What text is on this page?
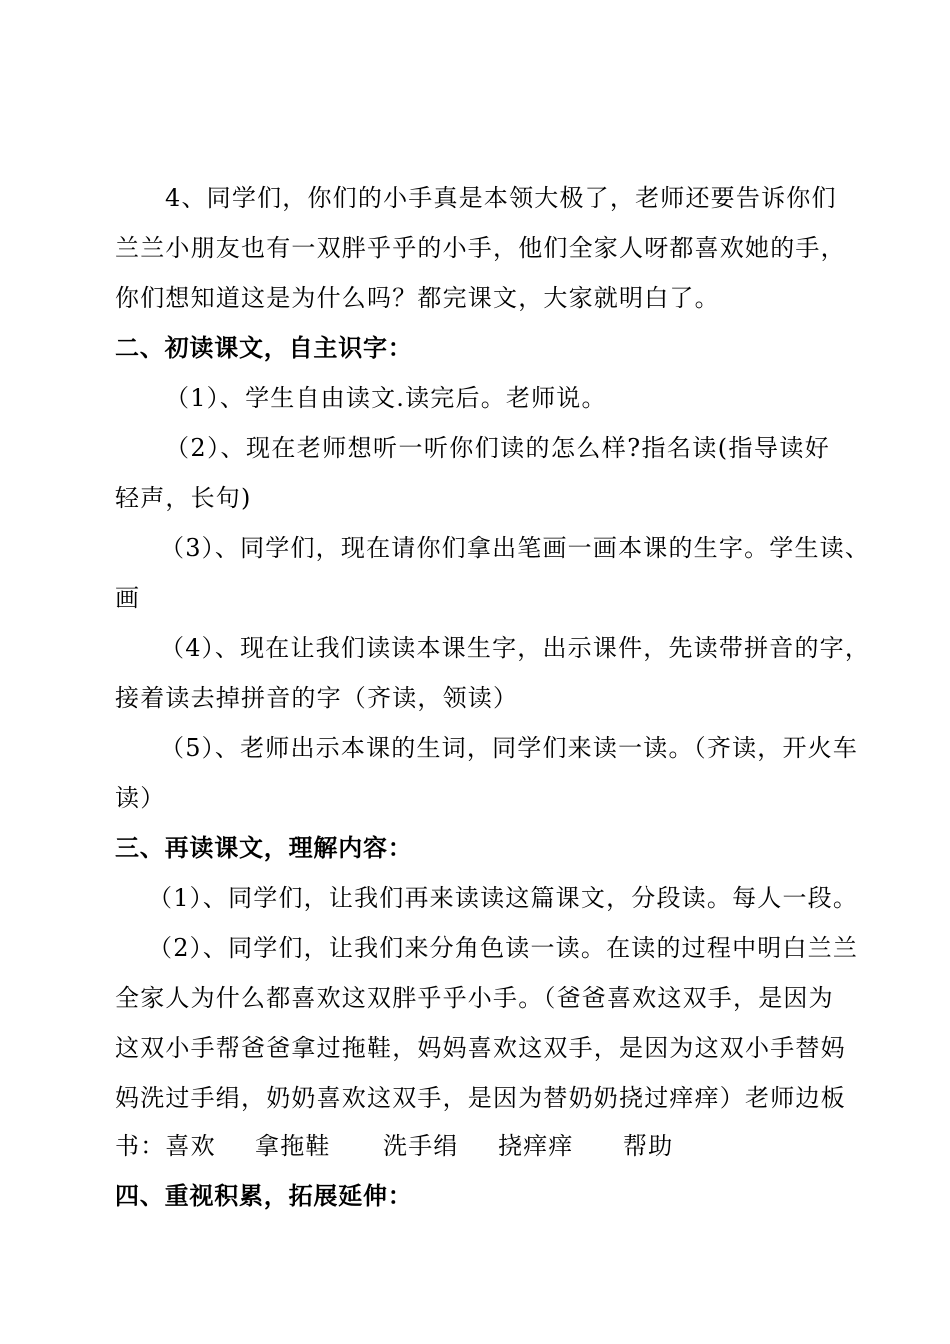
4、同学们，你们的小手真是本领大极了，老师还要告诉你们
兰兰小朋友也有一双胖乎乎的小手，他们全家人呀都喜欢她的手，
你们想知道这是为什么吗？都完课文，大家就明白了。
二、初读课文，自主识字：
（1）、学生自由读文.读完后。老师说。
（2）、现在老师想听一听你们读的怎么样?指名读(指导读好
轻声，长句)
（3）、同学们，现在请你们拿出笔画一画本课的生字。学生读、
画
（4）、现在让我们读读本课生字，出示课件，先读带拼音的字，
接着读去掉拼音的字（齐读，领读）
（5）、老师出示本课的生词，同学们来读一读。（齐读，开火车
读）
三、再读课文，理解内容：
（1）、同学们，让我们再来读读这篇课文，分段读。每人一段。
（2）、同学们，让我们来分角色读一读。在读的过程中明白兰兰
全家人为什么都喜欢这双胖乎乎小手。（爸爸喜欢这双手，是因为
这双小手帮爸爸拿过拖鞋，妈妈喜欢这双手，是因为这双小手替妈
妈洗过手绢，奶奶喜欢这双手，是因为替奶奶挠过痒痒）老师边板
书：喜欢 拿拖鞋 洗手绢 挠痒痒 帮助
四、重视积累，拓展延伸：
